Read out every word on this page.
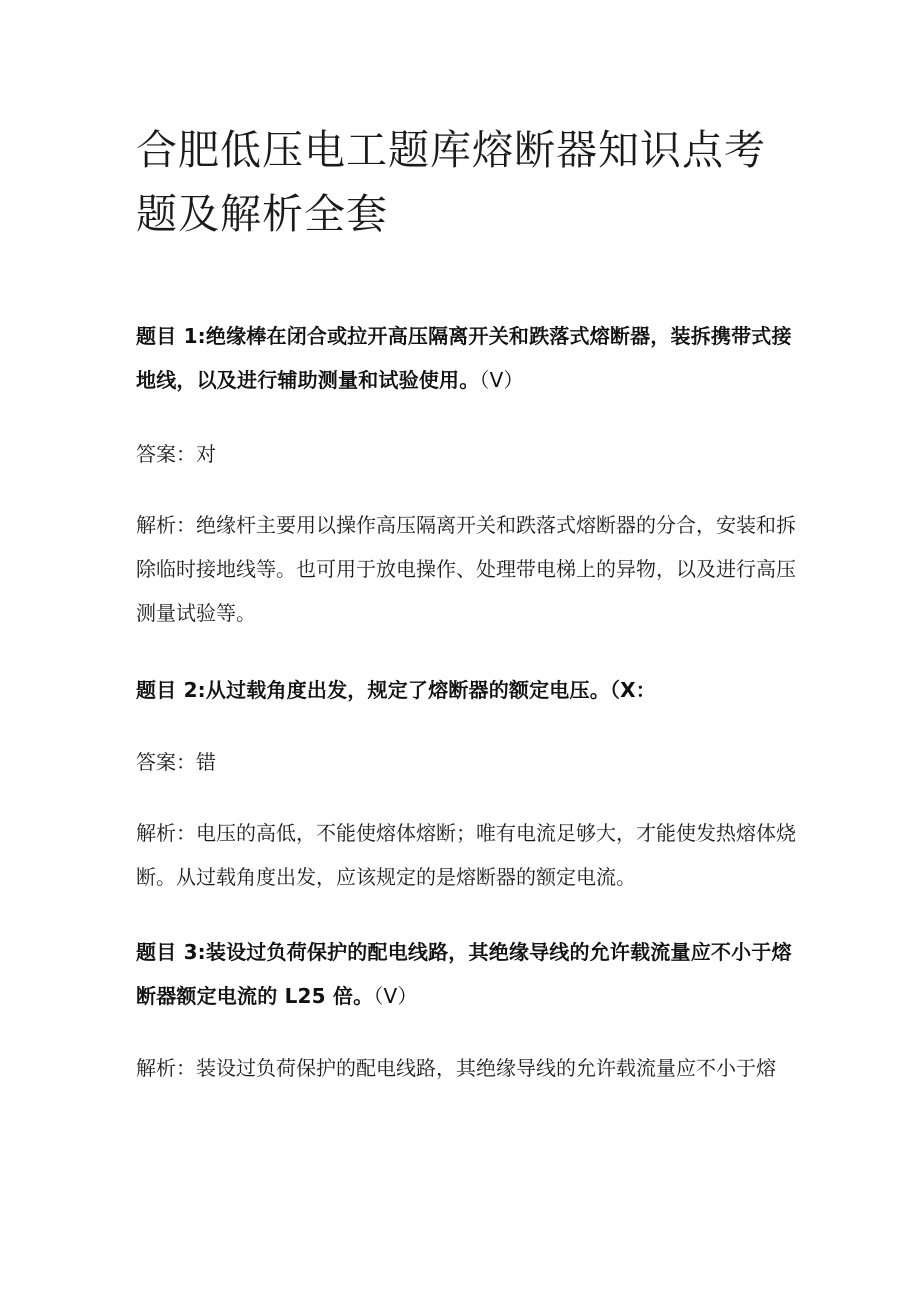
合肥低压电工题库熔断器知识点考题及解析全套

题目 1:绝缘棒在闭合或拉开高压隔离开关和跌落式熔断器，装拆携带式接地线，以及进行辅助测量和试验使用。（V）

答案：对

解析：绝缘杆主要用以操作高压隔离开关和跌落式熔断器的分合，安装和拆除临时接地线等。也可用于放电操作、处理带电梯上的异物，以及进行高压测量试验等。

题目 2:从过载角度出发，规定了熔断器的额定电压。（X：

答案：错

解析：电压的高低，不能使熔体熔断；唯有电流足够大，才能使发热熔体烧断。从过载角度出发，应该规定的是熔断器的额定电流。

题目 3:装设过负荷保护的配电线路，其绝缘导线的允许载流量应不小于熔断器额定电流的 L25 倍。（V）

解析：装设过负荷保护的配电线路，其绝缘导线的允许载流量应不小于熔
